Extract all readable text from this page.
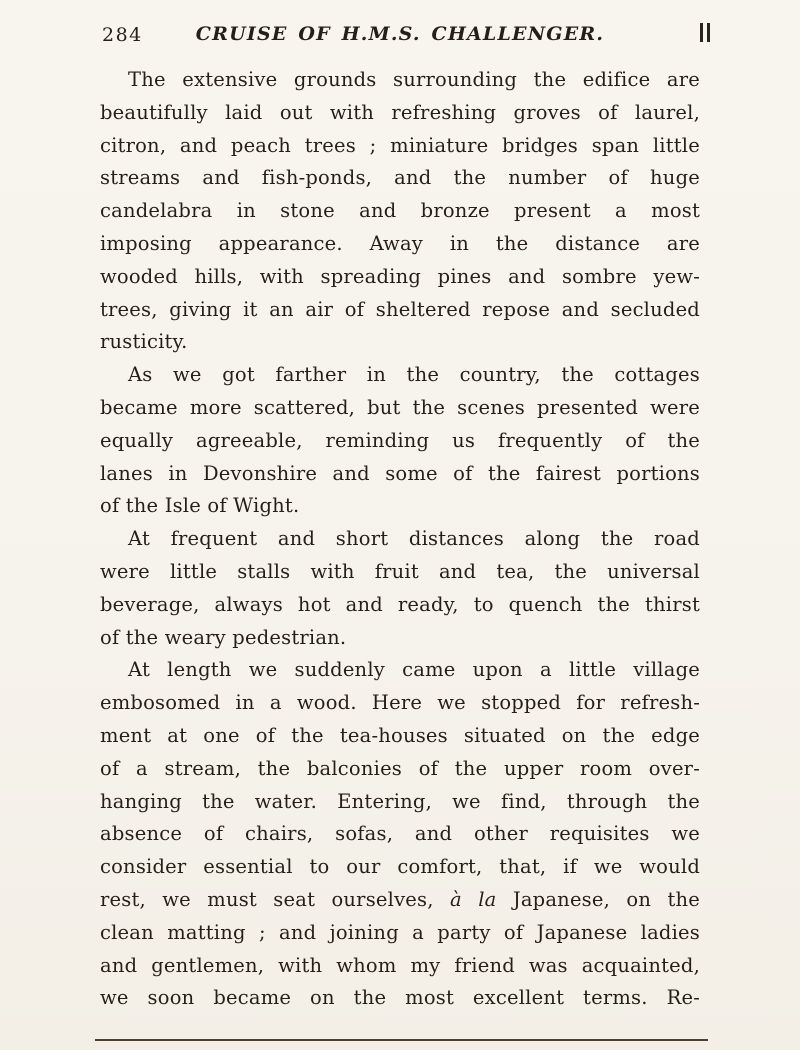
284	CRUISE OF H.M.S. CHALLENGER.

The extensive grounds surrounding the edifice are
beautifully laid out with refreshing groves of laurel,
citron, and peach trees ; miniature bridges span little
streams and fish-ponds, and the number of huge
candelabra in stone and bronze present a most
imposing appearance. Away in the distance are
wooded hills, with spreading pines and sombre yew-
trees, giving it an air of sheltered repose and secluded
rusticity.

As we got farther in the country, the cottages
became more scattered, but the scenes presented were
equally agreeable, reminding us frequently of the
lanes in Devonshire and some of the fairest portions
of the Isle of Wight.

At frequent and short distances along the road
were little stalls with fruit and tea, the universal
beverage, always hot and ready, to quench the thirst
of the weary pedestrian.

At length we suddenly came upon a little village
embosomed in a wood. Here we stopped for refresh-
ment at one of the tea-houses situated on the edge
of a stream, the balconies of the upper room over-
hanging the water. Entering, we find, through the
absence of chairs, sofas, and other requisites we
consider essential to our comfort, that, if we would
rest, we must seat ourselves, à la Japanese, on the
clean matting ; and joining a party of Japanese ladies
and gentlemen, with whom my friend was acquainted,
we soon became on the most excellent terms. Re-
